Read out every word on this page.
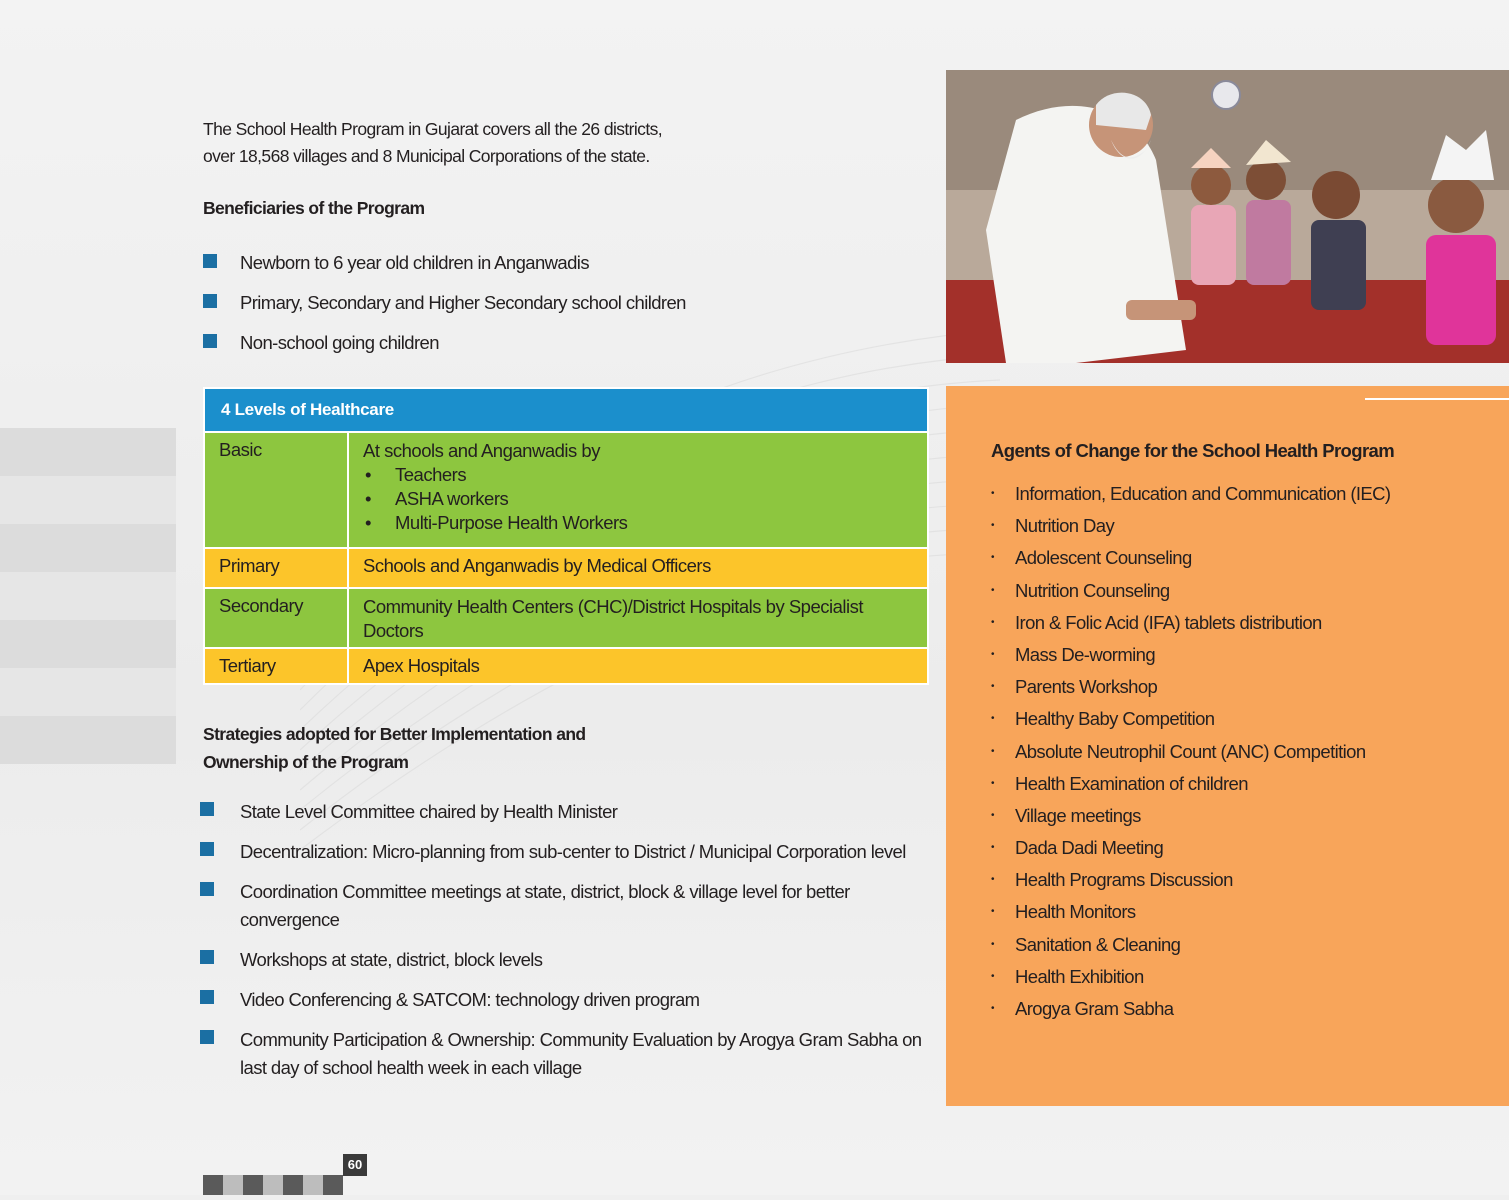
The School Health Program in Gujarat covers all the 26 districts,
over 18,568 villages and 8 Municipal Corporations of the state.
Beneficiaries of the Program
Newborn to 6 year old children in Anganwadis
Primary, Secondary and Higher Secondary school children
Non-school going children
4 Levels of Healthcare
Basic	At schools and Anganwadis by
• Teachers
• ASHA workers
• Multi-Purpose Health Workers
Primary	Schools and Anganwadis by Medical Officers
Secondary	Community Health Centers (CHC)/District Hospitals by Specialist Doctors
Tertiary	Apex Hospitals
Strategies adopted for Better Implementation and
Ownership of the Program
State Level Committee chaired by Health Minister
Decentralization: Micro-planning from sub-center to District / Municipal Corporation level
Coordination Committee meetings at state, district, block & village level for better convergence
Workshops at state, district, block levels
Video Conferencing & SATCOM: technology driven program
Community Participation & Ownership: Community Evaluation by Arogya Gram Sabha on last day of school health week in each village
60
Agents of Change for the School Health Program
• Information, Education and Communication (IEC)
• Nutrition Day
• Adolescent Counseling
• Nutrition Counseling
• Iron & Folic Acid (IFA) tablets distribution
• Mass De-worming
• Parents Workshop
• Healthy Baby Competition
• Absolute Neutrophil Count (ANC) Competition
• Health Examination of children
• Village meetings
• Dada Dadi Meeting
• Health Programs Discussion
• Health Monitors
• Sanitation & Cleaning
• Health Exhibition
• Arogya Gram Sabha
